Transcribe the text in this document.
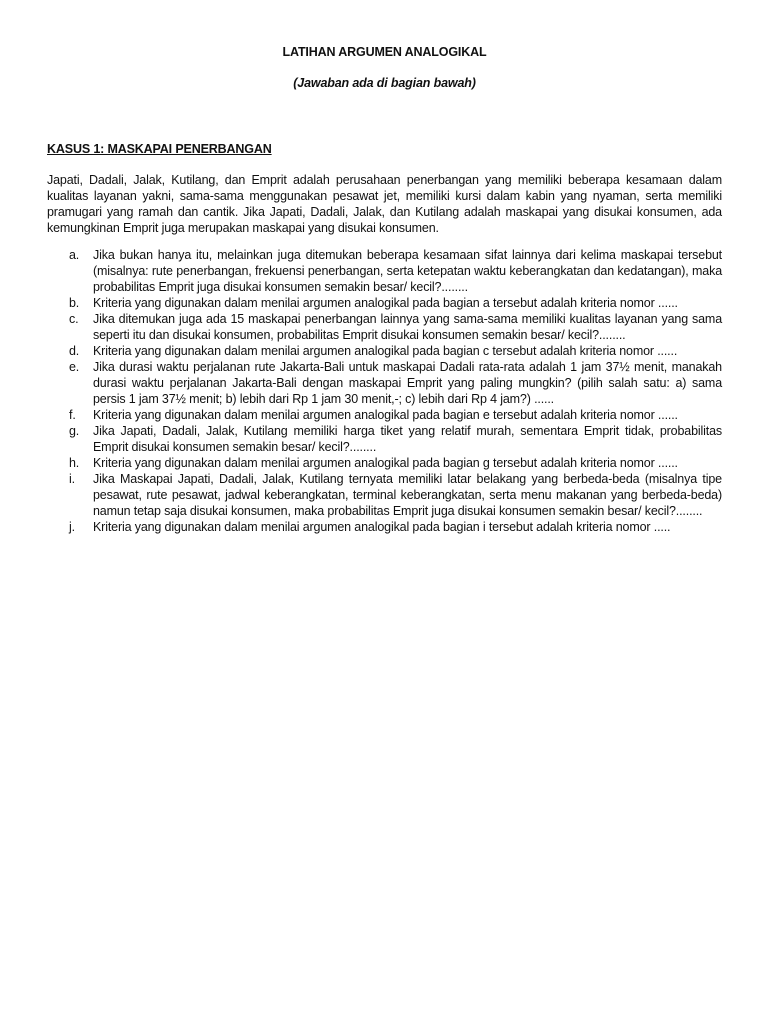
LATIHAN ARGUMEN ANALOGIKAL
(Jawaban ada di bagian bawah)
KASUS 1: MASKAPAI PENERBANGAN
Japati, Dadali, Jalak, Kutilang, dan Emprit adalah perusahaan penerbangan yang memiliki beberapa kesamaan dalam kualitas layanan yakni, sama-sama menggunakan pesawat jet, memiliki kursi dalam kabin yang nyaman, serta memiliki pramugari yang ramah dan cantik. Jika Japati, Dadali, Jalak, dan Kutilang adalah maskapai yang disukai konsumen, ada kemungkinan Emprit juga merupakan maskapai yang disukai konsumen.
a.	Jika bukan hanya itu, melainkan juga ditemukan beberapa kesamaan sifat lainnya dari kelima maskapai tersebut (misalnya: rute penerbangan, frekuensi penerbangan, serta ketepatan waktu keberangkatan dan kedatangan), maka probabilitas Emprit juga disukai konsumen semakin besar/ kecil?........
b.	Kriteria yang digunakan dalam menilai argumen analogikal pada bagian a tersebut adalah kriteria nomor ......
c.	Jika ditemukan juga ada 15 maskapai penerbangan lainnya yang sama-sama memiliki kualitas layanan yang sama seperti itu dan disukai konsumen, probabilitas Emprit disukai konsumen semakin besar/ kecil?........
d.	Kriteria yang digunakan dalam menilai argumen analogikal pada bagian c tersebut adalah kriteria nomor ......
e.	Jika durasi waktu perjalanan rute Jakarta-Bali untuk maskapai Dadali rata-rata adalah 1 jam 37½ menit, manakah durasi waktu perjalanan Jakarta-Bali dengan maskapai Emprit yang paling mungkin? (pilih salah satu: a) sama persis 1 jam 37½ menit; b) lebih dari Rp 1 jam 30 menit,-; c) lebih dari Rp 4 jam?) ......
f.	Kriteria yang digunakan dalam menilai argumen analogikal pada bagian e tersebut adalah kriteria nomor ......
g.	Jika Japati, Dadali, Jalak, Kutilang memiliki harga tiket yang relatif murah, sementara Emprit tidak, probabilitas Emprit disukai konsumen semakin besar/ kecil?........
h.	Kriteria yang digunakan dalam menilai argumen analogikal pada bagian g tersebut adalah kriteria nomor ......
i.	Jika Maskapai Japati, Dadali, Jalak, Kutilang ternyata memiliki latar belakang yang berbeda-beda (misalnya tipe pesawat, rute pesawat, jadwal keberangkatan, terminal keberangkatan, serta menu makanan yang berbeda-beda) namun tetap saja disukai konsumen, maka probabilitas Emprit juga disukai konsumen semakin besar/ kecil?........
j.	Kriteria yang digunakan dalam menilai argumen analogikal pada bagian i tersebut adalah kriteria nomor .....
